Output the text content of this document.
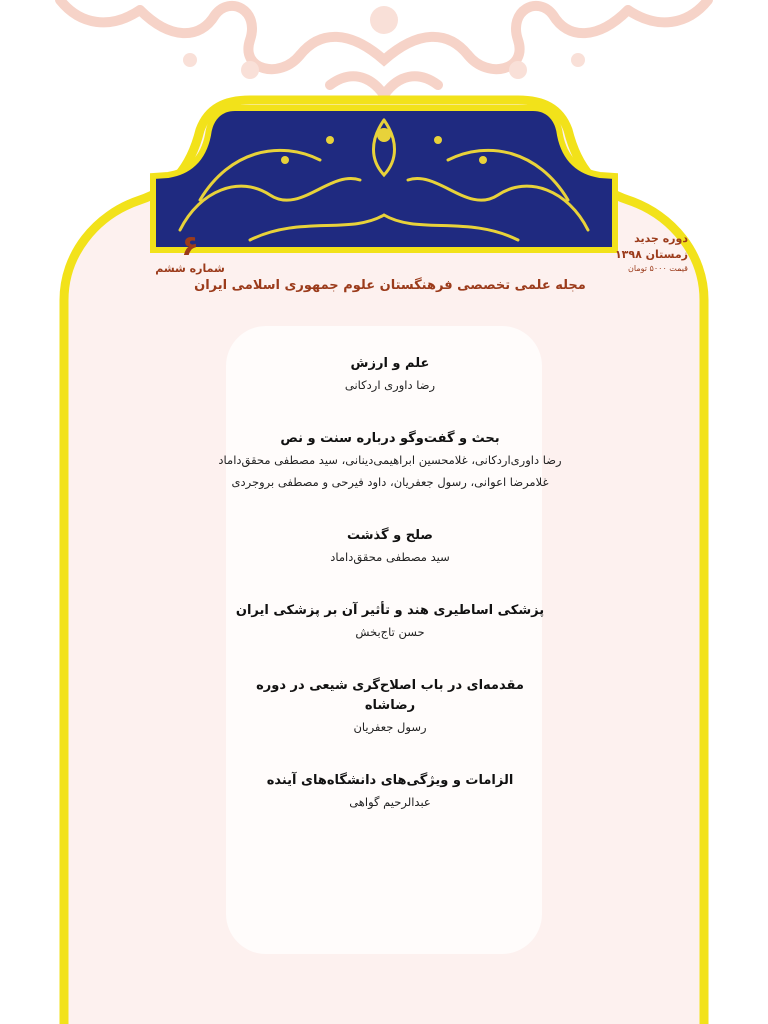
۶
شماره ششم
دوره جدید
زمستان ۱۳۹۸
قیمت ۵۰۰۰ تومان
مجله علمی تخصصی فرهنگستان علوم جمهوری اسلامی ایران
علم و ارزش
رضا داوری اردکانی
بحث و گفت‌وگو درباره سنت و نص
رضا داوری‌اردکانی، غلامحسین ابراهیمی‌دینانی، سید مصطفی محقق‌داماد
غلامرضا اعوانی، رسول جعفریان، داود فیرحی و مصطفی بروجردی
صلح و گذشت
سید مصطفی محقق‌داماد
پزشکی اساطیری هند و تأثیر آن بر پزشکی ایران
حسن تاج‌بخش
مقدمه‌ای در باب اصلاح‌گری شیعی در دوره رضاشاه
رسول جعفریان
الزامات و ویژگی‌های دانشگاه‌های آینده
عبدالرحیم گواهی
